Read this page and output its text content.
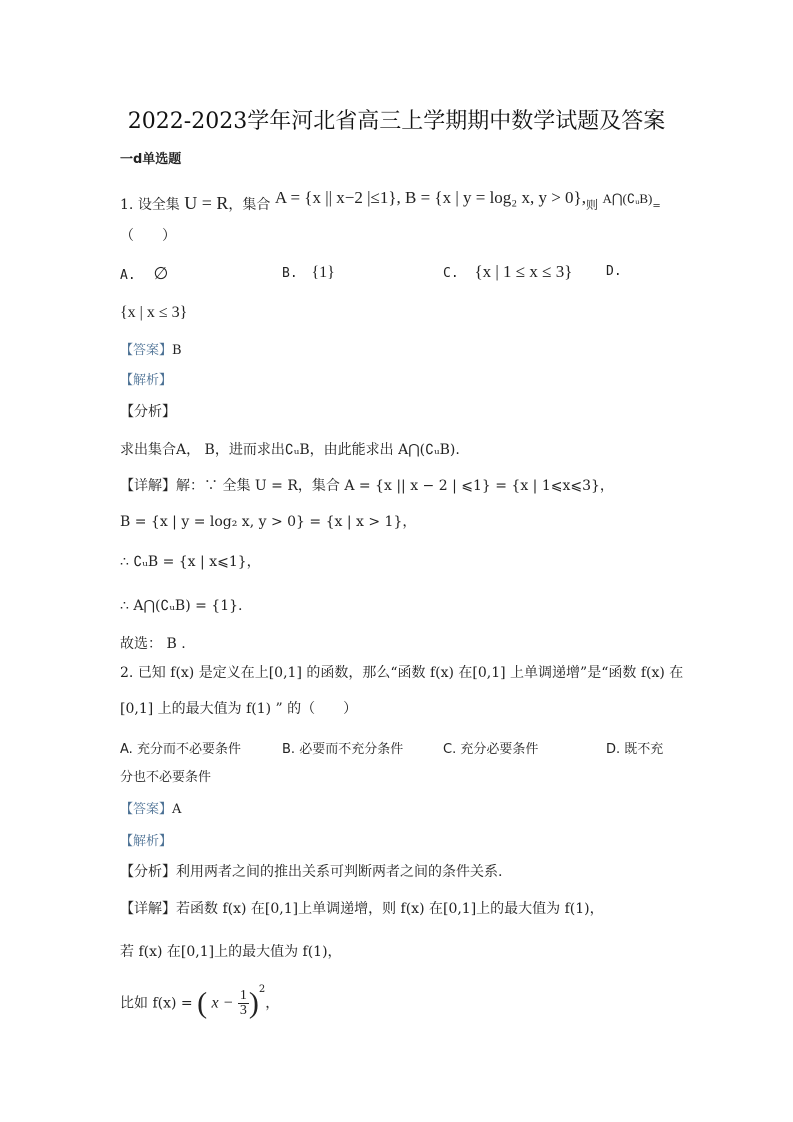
2022-2023学年河北省高三上学期期中数学试题及答案
一d单选题
1. 设全集 U = R，集合 A = {x || x−2 |≤1}, B = {x | y = log₂ x, y > 0},则 A⋂(∁ᵤB)=
（　　）
A. ∅	B. {1}	C. {x | 1 ≤ x ≤ 3}	D.
{x | x ≤ 3}
【答案】B
【解析】
【分析】
求出集合A， B，进而求出∁ᵤB，由此能求出 A⋂(∁ᵤB).
【详解】解：∵ 全集 U = R，集合 A = {x || x − 2 | ⩽1} = {x | 1⩽x⩽3}，
B = {x | y = log₂ x, y > 0} = {x | x > 1}，
∴ ∁ᵤB = {x | x⩽1}，
∴ A⋂(∁ᵤB) = {1}.
故选： B .
2. 已知 f(x) 是定义在上[0,1] 的函数，那么“函数 f(x) 在[0,1] 上单调递增”是“函数 f(x) 在
[0,1] 上的最大值为 f(1) ” 的（　　）
A. 充分而不必要条件	B. 必要而不充分条件	C. 充分必要条件	D. 既不充
分也不必要条件
【答案】A
【解析】
【分析】利用两者之间的推出关系可判断两者之间的条件关系.
【详解】若函数 f(x) 在[0,1]上单调递增，则 f(x) 在[0,1]上的最大值为 f(1)，
若 f(x) 在[0,1]上的最大值为 f(1)，
比如 f(x) = ( $x - \frac{1}{3} )^2$，
